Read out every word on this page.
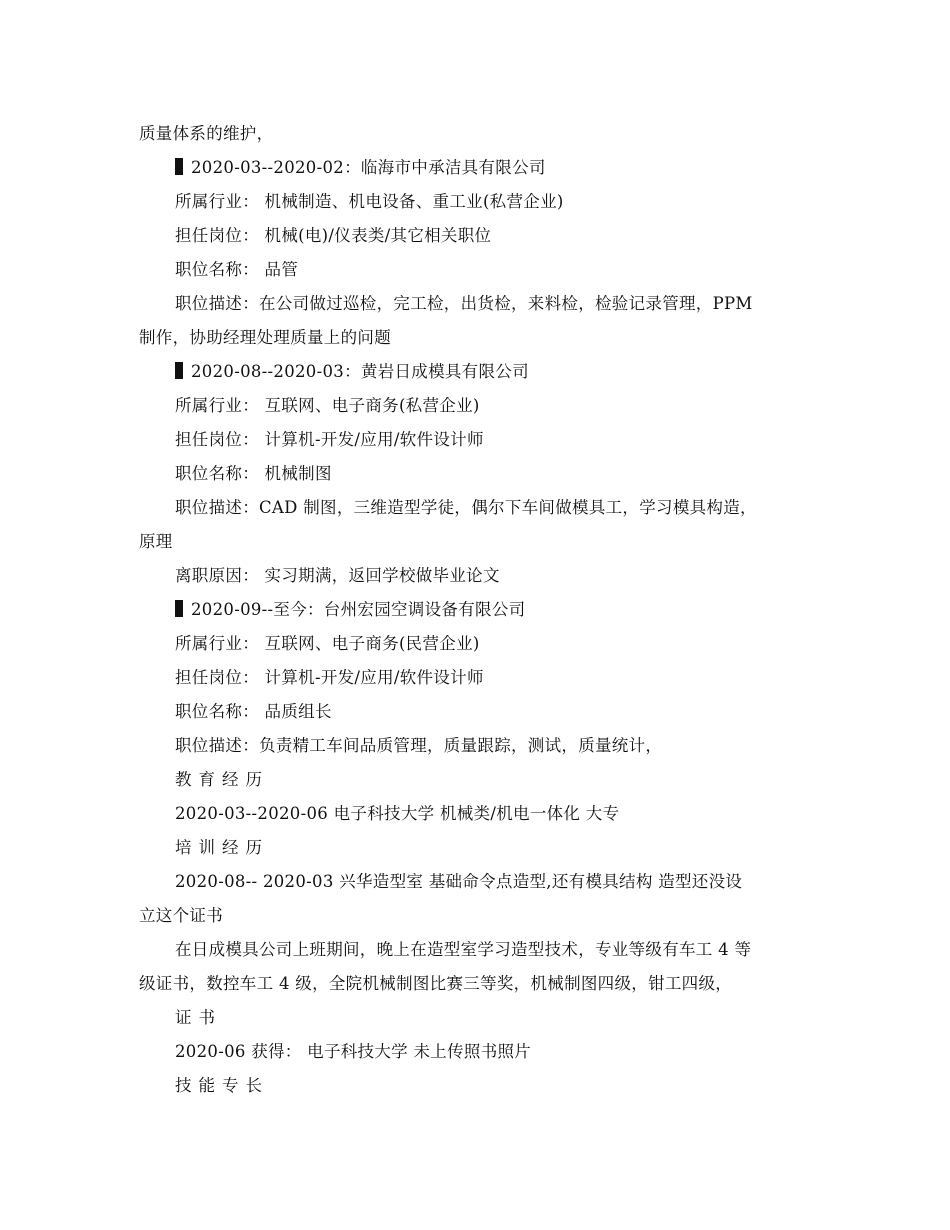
质量体系的维护，
2020-03--2020-02：临海市中承洁具有限公司
所属行业： 机械制造、机电设备、重工业(私营企业)
担任岗位： 机械(电)/仪表类/其它相关职位
职位名称： 品管
职位描述：在公司做过巡检，完工检，出货检，来料检，检验记录管理，PPM
制作，协助经理处理质量上的问题
2020-08--2020-03：黄岩日成模具有限公司
所属行业： 互联网、电子商务(私营企业)
担任岗位： 计算机-开发/应用/软件设计师
职位名称： 机械制图
职位描述：CAD 制图，三维造型学徒，偶尔下车间做模具工，学习模具构造，
原理
离职原因： 实习期满，返回学校做毕业论文
2020-09--至今：台州宏园空调设备有限公司
所属行业： 互联网、电子商务(民营企业)
担任岗位： 计算机-开发/应用/软件设计师
职位名称： 品质组长
职位描述：负责精工车间品质管理，质量跟踪，测试，质量统计，
教育经历
2020-03--2020-06 电子科技大学 机械类/机电一体化 大专
培训经历
2020-08-- 2020-03 兴华造型室 基础命令点造型,还有模具结构 造型还没设
立这个证书
在日成模具公司上班期间，晚上在造型室学习造型技术，专业等级有车工 4 等
级证书，数控车工 4 级，全院机械制图比赛三等奖，机械制图四级，钳工四级，
证书
2020-06 获得： 电子科技大学 未上传照书照片
技能专长
